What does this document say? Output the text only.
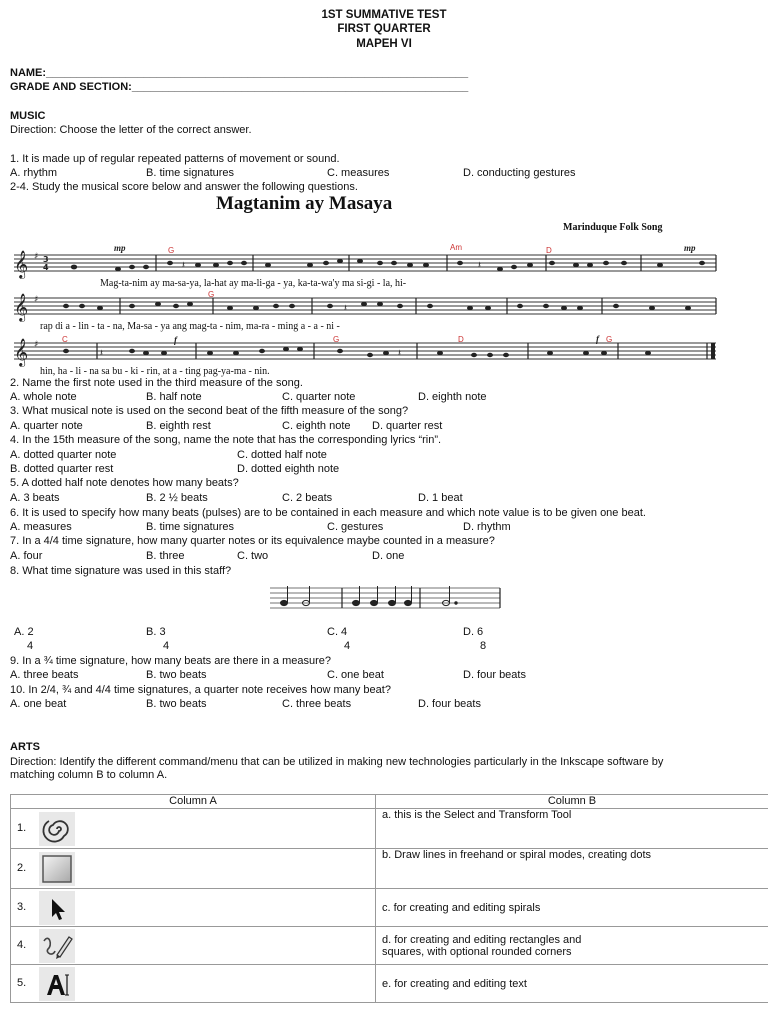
1ST SUMMATIVE TEST
FIRST QUARTER
MAPEH VI
NAME:_____________________________________________________________________
GRADE AND SECTION:_______________________________________________________
MUSIC
Direction: Choose the letter of the correct answer.
1. It is made up of regular repeated patterns of movement or sound.
A. rhythm	B. time signatures	C. measures	D. conducting gestures
2-4. Study the musical score below and answer the following questions.
Magtanim ay Masaya
Marinduque Folk Song
𝄞
𝄞
𝄞
♯
♯
♯
3
4	𝄽	𝄽
𝄽
𝄽	𝄽
G	Am	D
G
C	G	D	G
mp	mp
f	f
Mag-ta-nim ay ma-sa-ya, la-hat ay ma-li-ga - ya, ka-ta-wa'y ma si-gi - la, hi-
rap di a - lin - ta - na, Ma-sa - ya ang mag-ta - nim, ma-ra - ming a - a - ni -
hin, ha - li - na sa bu - ki - rin, at a - ting pag-ya-ma - nin.
2. Name the first note used in the third measure of the song.
A. whole note	B. half note	C. quarter note	D. eighth note
3. What musical note is used on the second beat of the fifth measure of the song?
A. quarter note	B. eighth rest	C. eighth note D. quarter rest
4. In the 15th measure of the song, name the note that has the corresponding lyrics “rin”.
A. dotted quarter note	C. dotted half note
B. dotted quarter rest	D. dotted eighth note
5. A dotted half note denotes how many beats?
A. 3 beats	B. 2 ½ beats	C. 2 beats	D. 1 beat
6. It is used to specify how many beats (pulses) are to be contained in each measure and which note value is to be given one beat.
A. measures	B. time signatures	C. gestures	D. rhythm
7. In a 4/4 time signature, how many quarter notes or its equivalence maybe counted in a measure?
A. four	B. three	C. two	D. one
8. What time signature was used in this staff?
A. 2
4
B. 3
4
C. 4
4
D. 6
8
9. In a ¾ time signature, how many beats are there in a measure?
A. three beats	B. two beats	C. one beat	D. four beats
10. In 2/4, ¾ and 4/4 time signatures, a quarter note receives how many beat?
A. one beat	B. two beats	C. three beats	D. four beats
ARTS
Direction: Identify the different command/menu that can be utilized in making new technologies particularly in the Inkscape software by
matching column B to column A.
Column A	Column B

1.	a. this is the Select and Transform Tool

2.	b. Draw lines in freehand or spiral modes, creating dots

3.	c. for creating and editing spirals

4.	d. for creating and editing rectangles and
squares, with optional rounded corners

5.	e. for creating and editing text
